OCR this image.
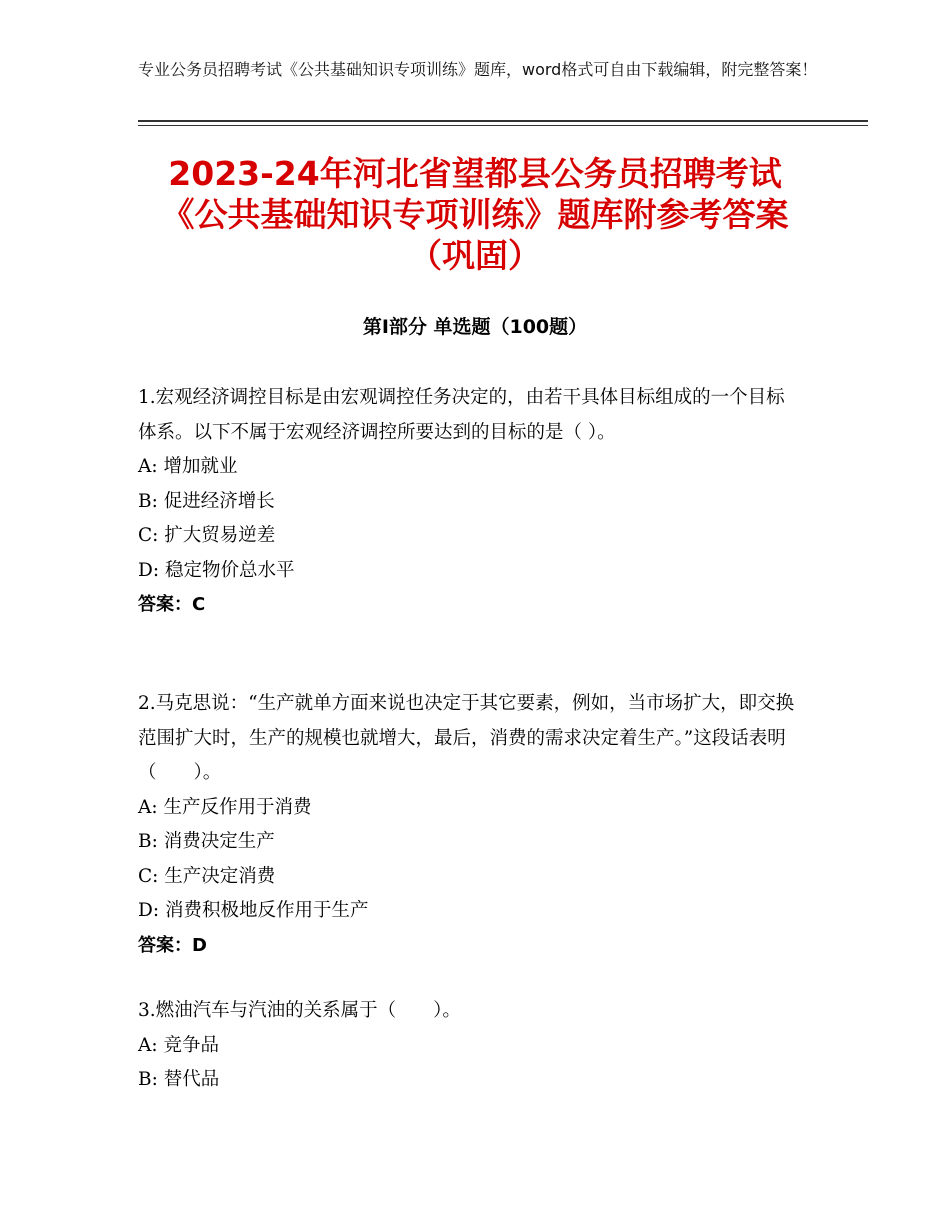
专业公务员招聘考试《公共基础知识专项训练》题库，word格式可自由下载编辑，附完整答案！
2023-24年河北省望都县公务员招聘考试《公共基础知识专项训练》题库附参考答案（巩固）
第Ⅰ部分 单选题（100题）
1.宏观经济调控目标是由宏观调控任务决定的，由若干具体目标组成的一个目标体系。以下不属于宏观经济调控所要达到的目标的是（ ）。
A: 增加就业
B: 促进经济增长
C: 扩大贸易逆差
D: 稳定物价总水平
答案：C
2.马克思说：“生产就单方面来说也决定于其它要素，例如，当市场扩大，即交换范围扩大时，生产的规模也就增大，最后，消费的需求决定着生产。”这段话表明（　　）。
A: 生产反作用于消费
B: 消费决定生产
C: 生产决定消费
D: 消费积极地反作用于生产
答案：D
3.燃油汽车与汽油的关系属于（　　）。
A: 竞争品
B: 替代品
